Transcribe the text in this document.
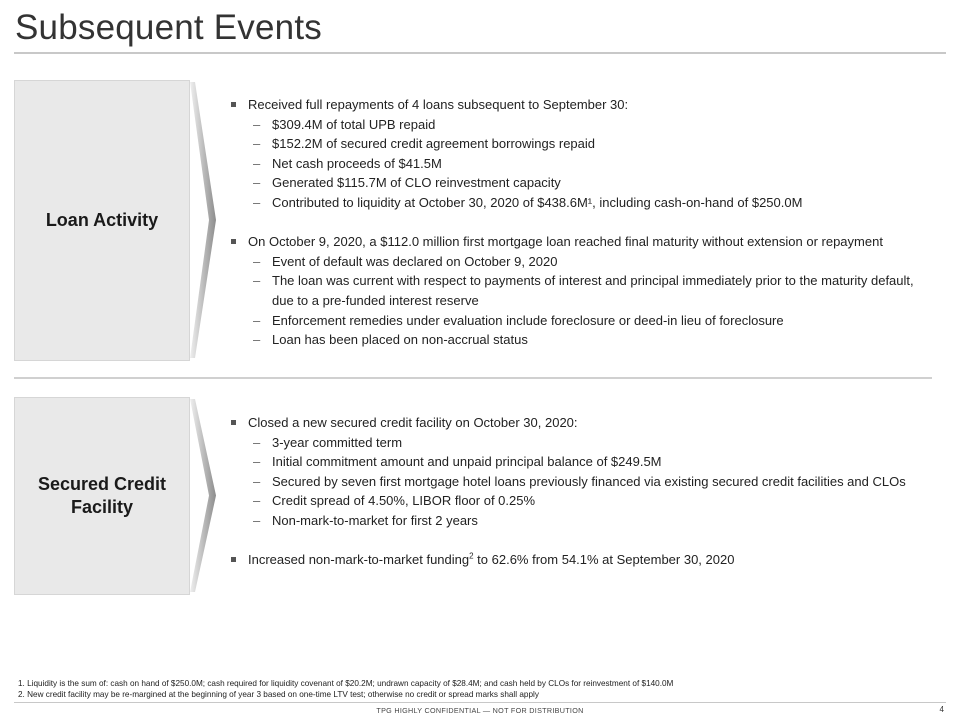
Subsequent Events
Loan Activity
Received full repayments of 4 loans subsequent to September 30:
– $309.4M of total UPB repaid
– $152.2M of secured credit agreement borrowings repaid
– Net cash proceeds of $41.5M
– Generated $115.7M of CLO reinvestment capacity
– Contributed to liquidity at October 30, 2020 of $438.6M¹, including cash-on-hand of $250.0M
On October 9, 2020, a $112.0 million first mortgage loan reached final maturity without extension or repayment
– Event of default was declared on October 9, 2020
– The loan was current with respect to payments of interest and principal immediately prior to the maturity default, due to a pre-funded interest reserve
– Enforcement remedies under evaluation include foreclosure or deed-in lieu of foreclosure
– Loan has been placed on non-accrual status
Secured Credit
Facility
Closed a new secured credit facility on October 30, 2020:
– 3-year committed term
– Initial commitment amount and unpaid principal balance of $249.5M
– Secured by seven first mortgage hotel loans previously financed via existing secured credit facilities and CLOs
– Credit spread of 4.50%, LIBOR floor of 0.25%
– Non-mark-to-market for first 2 years
Increased non-mark-to-market funding$^2$ to 62.6% from 54.1% at September 30, 2020
1. Liquidity is the sum of: cash on hand of $250.0M; cash required for liquidity covenant of $20.2M; undrawn capacity of $28.4M; and cash held by CLOs for reinvestment of $140.0M
2. New credit facility may be re-margined at the beginning of year 3 based on one-time LTV test; otherwise no credit or spread marks shall apply
TPG HIGHLY CONFIDENTIAL — NOT FOR DISTRIBUTION	4
